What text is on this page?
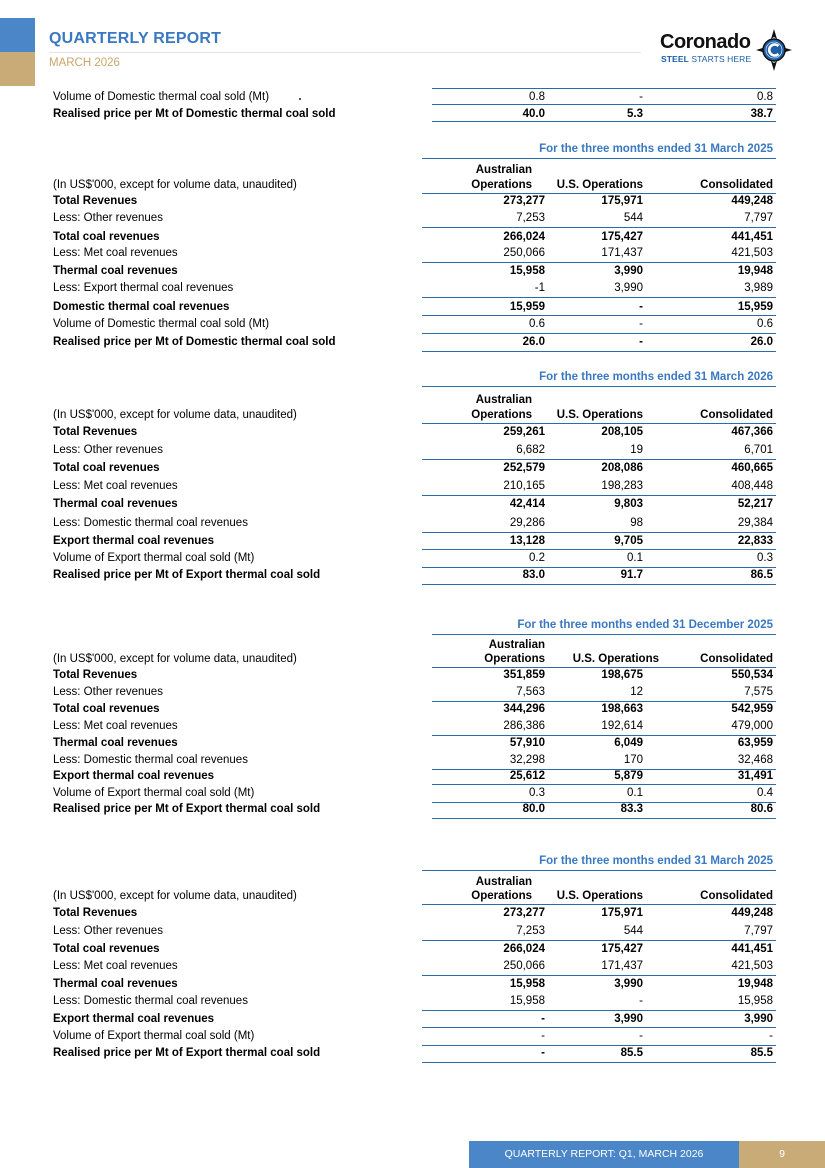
QUARTERLY REPORT
MARCH 2026
Coronado
STEEL STARTS HERE
Volume of Domestic thermal coal sold (Mt)	0.8	-	0.8
Realised price per Mt of Domestic thermal coal sold	40.0	5.3	38.7
For the three months ended 31 March 2025
Australian
Operations U.S. Operations	Consolidated
(In US$'000, except for volume data, unaudited)
Total Revenues	273,277	175,971	449,248
Less: Other revenues	7,253	544	7,797
Total coal revenues	266,024	175,427	441,451
Less: Met coal revenues	250,066	171,437	421,503
Thermal coal revenues	15,958	3,990	19,948
Less: Export thermal coal revenues	-1	3,990	3,989
Domestic thermal coal revenues	15,959	-	15,959
Volume of Domestic thermal coal sold (Mt)	0.6	-	0.6
Realised price per Mt of Domestic thermal coal sold	26.0	-	26.0
For the three months ended 31 March 2026
Australian
Operations U.S. Operations	Consolidated
(In US$'000, except for volume data, unaudited)
Total Revenues	259,261	208,105	467,366
Less: Other revenues	6,682	19	6,701
Total coal revenues	252,579	208,086	460,665
Less: Met coal revenues	210,165	198,283	408,448
Thermal coal revenues	42,414	9,803	52,217
Less: Domestic thermal coal revenues	29,286	98	29,384
Export thermal coal revenues	13,128	9,705	22,833
Volume of Export thermal coal sold (Mt)	0.2	0.1	0.3
Realised price per Mt of Export thermal coal sold	83.0	91.7	86.5
For the three months ended 31 December 2025
Australian
Operations U.S. Operations	Consolidated
(In US$'000, except for volume data, unaudited)
Total Revenues	351,859	198,675	550,534
Less: Other revenues	7,563	12	7,575
Total coal revenues	344,296	198,663	542,959
Less: Met coal revenues	286,386	192,614	479,000
Thermal coal revenues	57,910	6,049	63,959
Less: Domestic thermal coal revenues	32,298	170	32,468
Export thermal coal revenues	25,612	5,879	31,491
Volume of Export thermal coal sold (Mt)	0.3	0.1	0.4
Realised price per Mt of Export thermal coal sold	80.0	83.3	80.6
For the three months ended 31 March 2025
Australian
Operations U.S. Operations	Consolidated
(In US$'000, except for volume data, unaudited)
Total Revenues	273,277	175,971	449,248
Less: Other revenues	7,253	544	7,797
Total coal revenues	266,024	175,427	441,451
Less: Met coal revenues	250,066	171,437	421,503
Thermal coal revenues	15,958	3,990	19,948
Less: Domestic thermal coal revenues	15,958	-	15,958
Export thermal coal revenues	-	3,990	3,990
Volume of Export thermal coal sold (Mt)	-	-	-
Realised price per Mt of Export thermal coal sold	-	85.5	85.5
QUARTERLY REPORT: Q1, MARCH 2026	9
